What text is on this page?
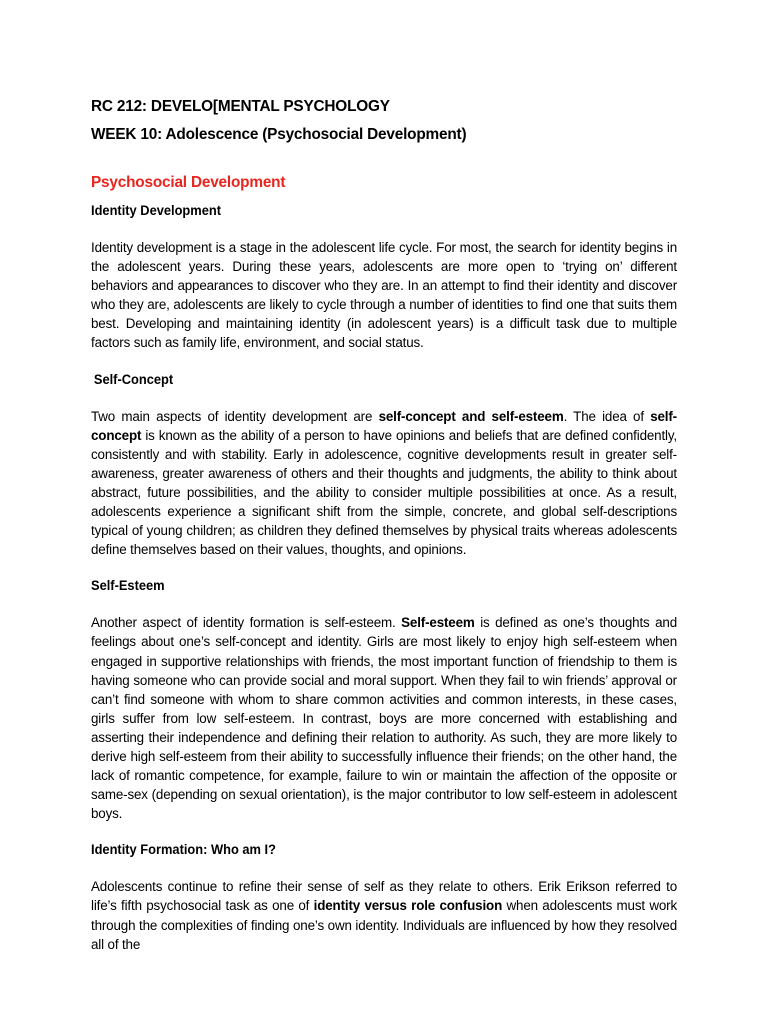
RC 212: DEVELO[MENTAL PSYCHOLOGY
WEEK 10: Adolescence (Psychosocial Development)
Psychosocial Development
Identity Development

Identity development is a stage in the adolescent life cycle. For most, the search for identity begins in the adolescent years. During these years, adolescents are more open to ‘trying on’ different behaviors and appearances to discover who they are. In an attempt to find their identity and discover who they are, adolescents are likely to cycle through a number of identities to find one that suits them best. Developing and maintaining identity (in adolescent years) is a difficult task due to multiple factors such as family life, environment, and social status.

Self-Concept

Two main aspects of identity development are self-concept and self-esteem. The idea of self-concept is known as the ability of a person to have opinions and beliefs that are defined confidently, consistently and with stability. Early in adolescence, cognitive developments result in greater self-awareness, greater awareness of others and their thoughts and judgments, the ability to think about abstract, future possibilities, and the ability to consider multiple possibilities at once. As a result, adolescents experience a significant shift from the simple, concrete, and global self-descriptions typical of young children; as children they defined themselves by physical traits whereas adolescents define themselves based on their values, thoughts, and opinions.

Self-Esteem

Another aspect of identity formation is self-esteem. Self-esteem is defined as one’s thoughts and feelings about one’s self-concept and identity. Girls are most likely to enjoy high self-esteem when engaged in supportive relationships with friends, the most important function of friendship to them is having someone who can provide social and moral support. When they fail to win friends’ approval or can’t find someone with whom to share common activities and common interests, in these cases, girls suffer from low self-esteem. In contrast, boys are more concerned with establishing and asserting their independence and defining their relation to authority. As such, they are more likely to derive high self-esteem from their ability to successfully influence their friends; on the other hand, the lack of romantic competence, for example, failure to win or maintain the affection of the opposite or same-sex (depending on sexual orientation), is the major contributor to low self-esteem in adolescent boys.

Identity Formation: Who am I?

Adolescents continue to refine their sense of self as they relate to others. Erik Erikson referred to life’s fifth psychosocial task as one of identity versus role confusion when adolescents must work through the complexities of finding one’s own identity. Individuals are influenced by how they resolved all of the
